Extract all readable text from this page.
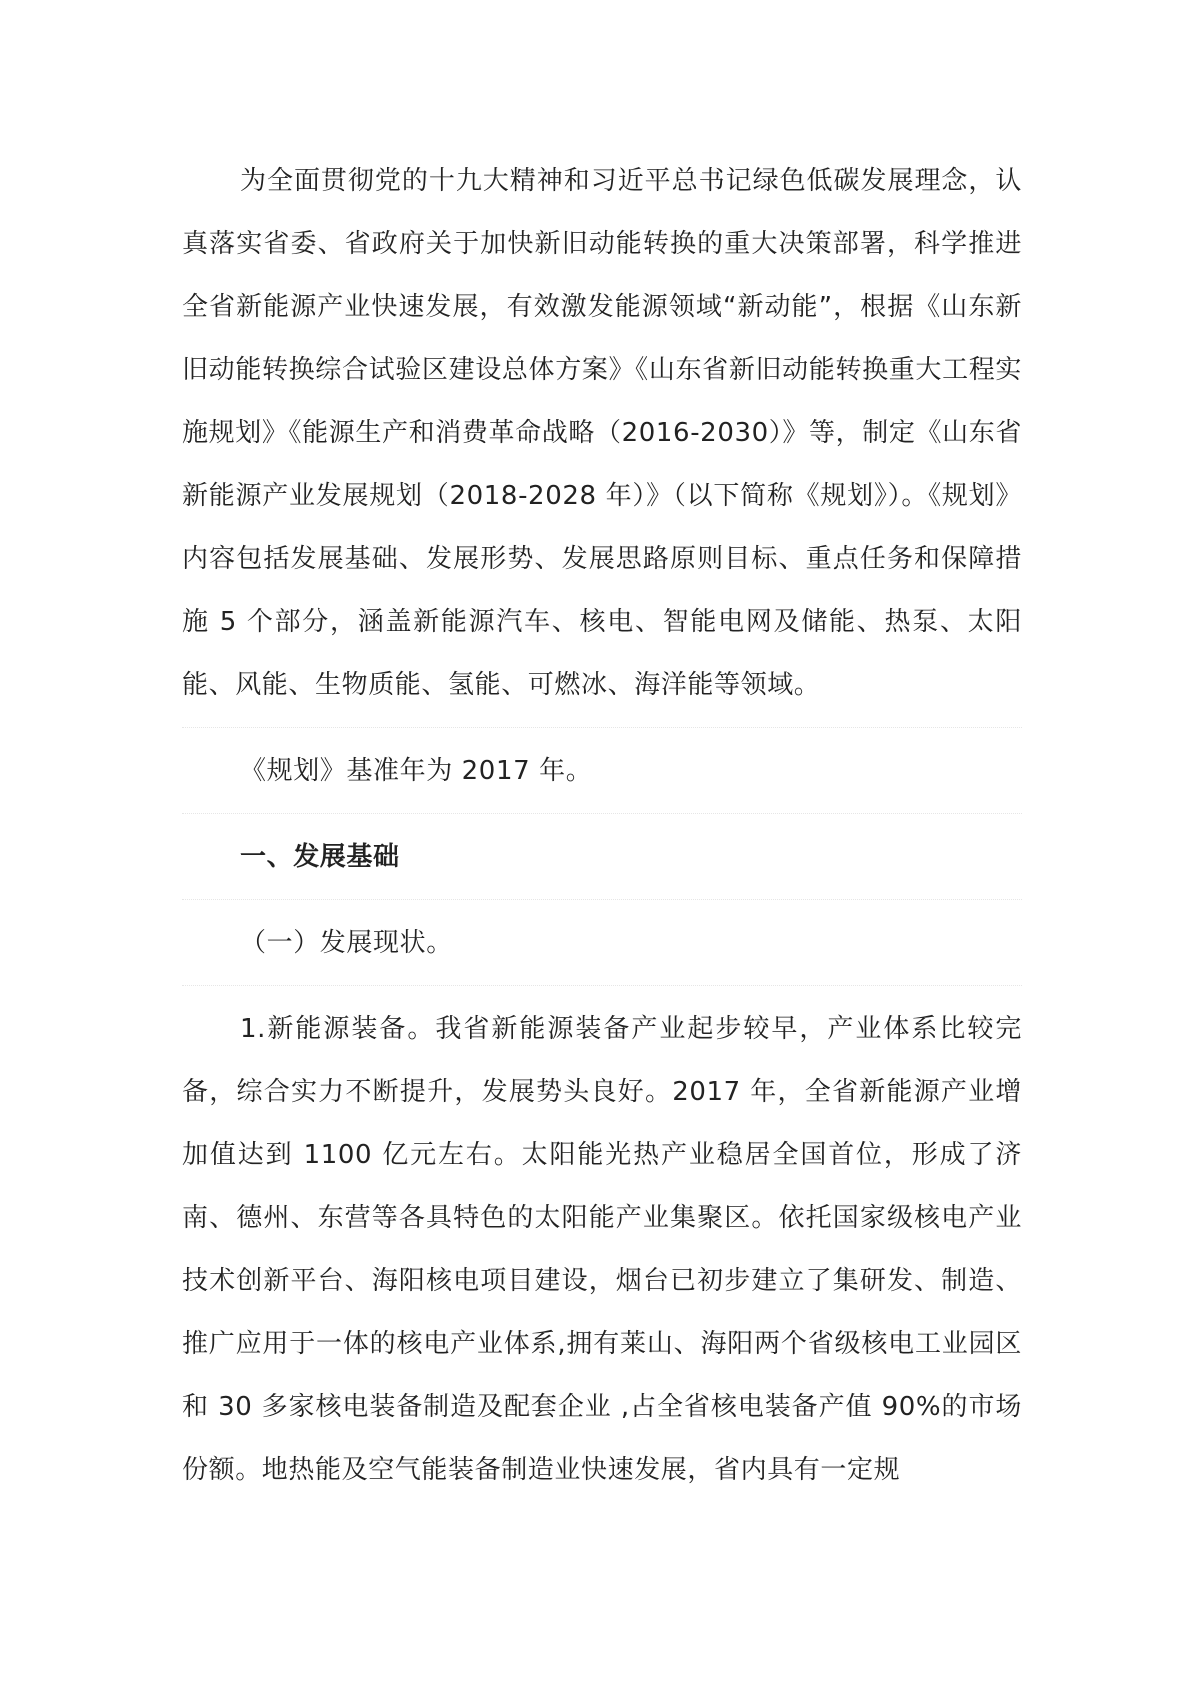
为全面贯彻党的十九大精神和习近平总书记绿色低碳发展理念，认真落实省委、省政府关于加快新旧动能转换的重大决策部署，科学推进全省新能源产业快速发展，有效激发能源领域“新动能”，根据《山东新旧动能转换综合试验区建设总体方案》《山东省新旧动能转换重大工程实施规划》《能源生产和消费革命战略（2016-2030）》等，制定《山东省新能源产业发展规划（2018-2028 年）》（以下简称《规划》）。《规划》内容包括发展基础、发展形势、发展思路原则目标、重点任务和保障措施 5 个部分，涵盖新能源汽车、核电、智能电网及储能、热泵、太阳能、风能、生物质能、氢能、可燃冰、海洋能等领域。

《规划》基准年为 2017 年。

一、发展基础

（一）发展现状。

1.新能源装备。我省新能源装备产业起步较早，产业体系比较完备，综合实力不断提升，发展势头良好。2017 年，全省新能源产业增加值达到 1100 亿元左右。太阳能光热产业稳居全国首位，形成了济南、德州、东营等各具特色的太阳能产业集聚区。依托国家级核电产业技术创新平台、海阳核电项目建设，烟台已初步建立了集研发、制造、推广应用于一体的核电产业体系,拥有莱山、海阳两个省级核电工业园区和 30 多家核电装备制造及配套企业 ,占全省核电装备产值 90%的市场份额。地热能及空气能装备制造业快速发展，省内具有一定规
